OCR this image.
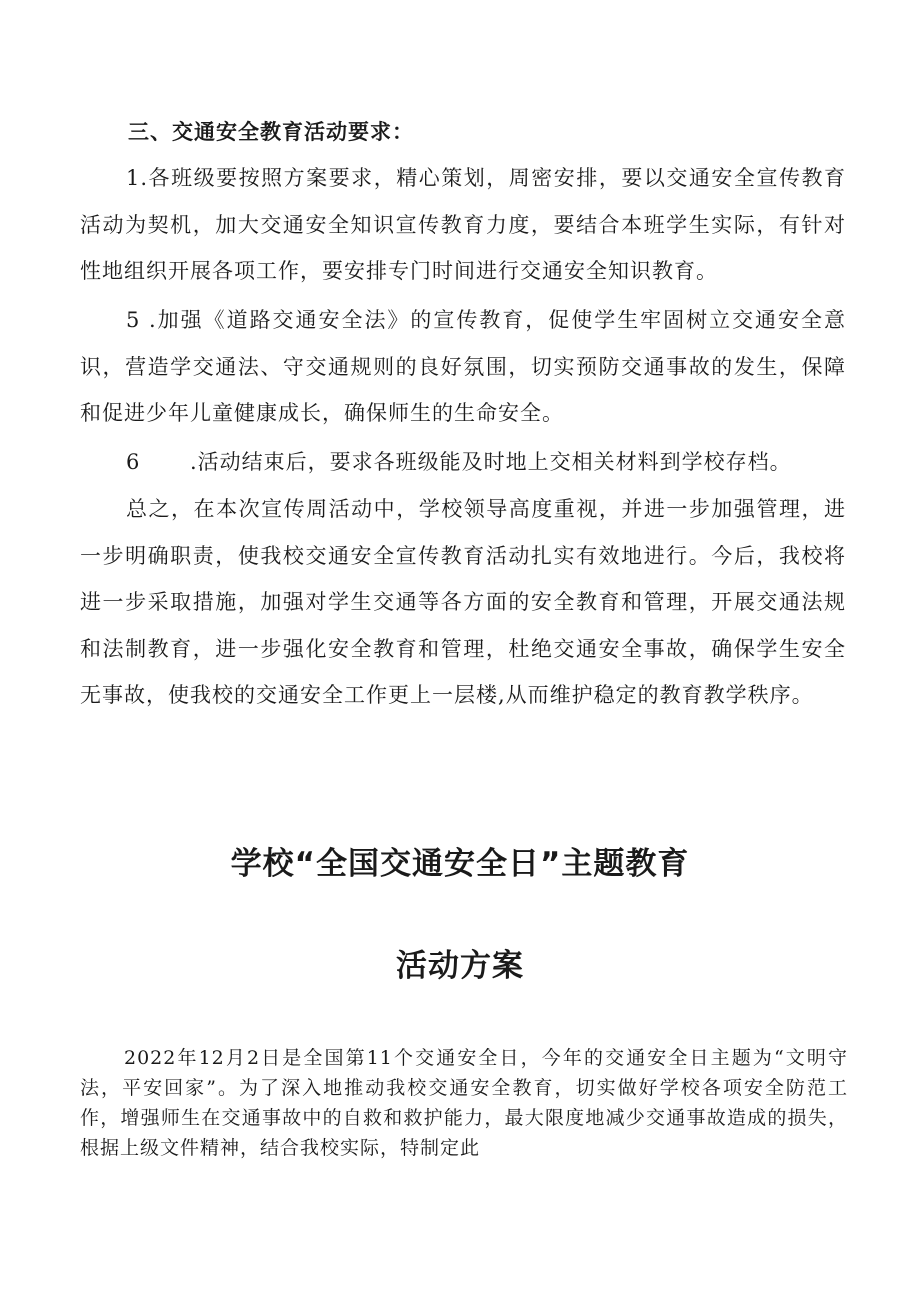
三、交通安全教育活动要求：

1.各班级要按照方案要求，精心策划，周密安排，要以交通安全宣传教育活动为契机，加大交通安全知识宣传教育力度，要结合本班学生实际，有针对性地组织开展各项工作，要安排专门时间进行交通安全知识教育。

5 .加强《道路交通安全法》的宣传教育，促使学生牢固树立交通安全意识，营造学交通法、守交通规则的良好氛围，切实预防交通事故的发生，保障和促进少年儿童健康成长，确保师生的生命安全。

6 .活动结束后，要求各班级能及时地上交相关材料到学校存档。

总之，在本次宣传周活动中，学校领导高度重视，并进一步加强管理，进一步明确职责，使我校交通安全宣传教育活动扎实有效地进行。今后，我校将进一步采取措施，加强对学生交通等各方面的安全教育和管理，开展交通法规和法制教育，进一步强化安全教育和管理，杜绝交通安全事故，确保学生安全无事故，使我校的交通安全工作更上一层楼,从而维护稳定的教育教学秩序。

学校“全国交通安全日”主题教育
活动方案

2022年12月2日是全国第11个交通安全日，今年的交通安全日主题为“文明守法，平安回家”。为了深入地推动我校交通安全教育，切实做好学校各项安全防范工作，增强师生在交通事故中的自救和救护能力，最大限度地减少交通事故造成的损失，根据上级文件精神，结合我校实际，特制定此
